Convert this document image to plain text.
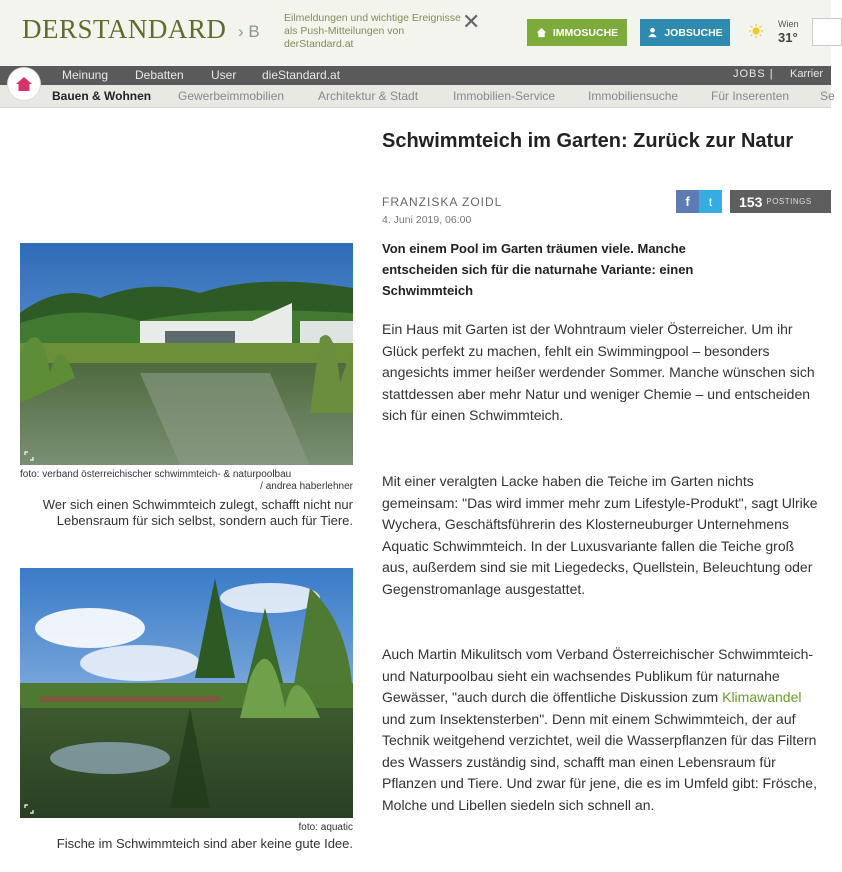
DERSTANDARD › B
Eilmeldungen und wichtige Ereignisse als Push-Mitteilungen von derStandard.at
✕	IMMOSUCHE	JOBSUCHE
Wien
31°
Meinung Debatten User dieStandard.at	JOBS | Karrier
Bauen & Wohnen Gewerbeimmobilien	Architektur & Stadt	Immobilien-Service	Immobiliensuche	Für Inserenten	Se
foto: verband österreichischer schwimmteich- & naturpoolbau
/ andrea haberlehner
Wer sich einen Schwimmteich zulegt, schafft nicht nur Lebensraum für sich selbst, sondern auch für Tiere.
foto: aquatic
Fische im Schwimmteich sind aber keine gute Idee.
Schwimmteich im Garten: Zurück zur Natur
FRANZISKA ZOIDL
4. Juni 2019, 06:00
f t 153 POSTINGS

Von einem Pool im Garten träumen viele. Manche entscheiden sich für die naturnahe Variante: einen Schwimmteich

Ein Haus mit Garten ist der Wohntraum vieler Österreicher. Um ihr Glück perfekt zu machen, fehlt ein Swimmingpool – besonders angesichts immer heißer werdender Sommer. Manche wünschen sich stattdessen aber mehr Natur und weniger Chemie – und entscheiden sich für einen Schwimmteich.

Mit einer veralgten Lacke haben die Teiche im Garten nichts gemeinsam: "Das wird immer mehr zum Lifestyle-Produkt", sagt Ulrike Wychera, Geschäftsführerin des Klosterneuburger Unternehmens Aquatic Schwimmteich. In der Luxusvariante fallen die Teiche groß aus, außerdem sind sie mit Liegedecks, Quellstein, Beleuchtung oder Gegenstromanlage ausgestattet.

Auch Martin Mikulitsch vom Verband Österreichischer Schwimmteich- und Naturpoolbau sieht ein wachsendes Publikum für naturnahe Gewässer, "auch durch die öffentliche Diskussion zum Klimawandel und zum Insektensterben". Denn mit einem Schwimmteich, der auf Technik weitgehend verzichtet, weil die Wasserpflanzen für das Filtern des Wassers zuständig sind, schafft man einen Lebensraum für Pflanzen und Tiere. Und zwar für jene, die es im Umfeld gibt: Frösche, Molche und Libellen siedeln sich schnell an.
